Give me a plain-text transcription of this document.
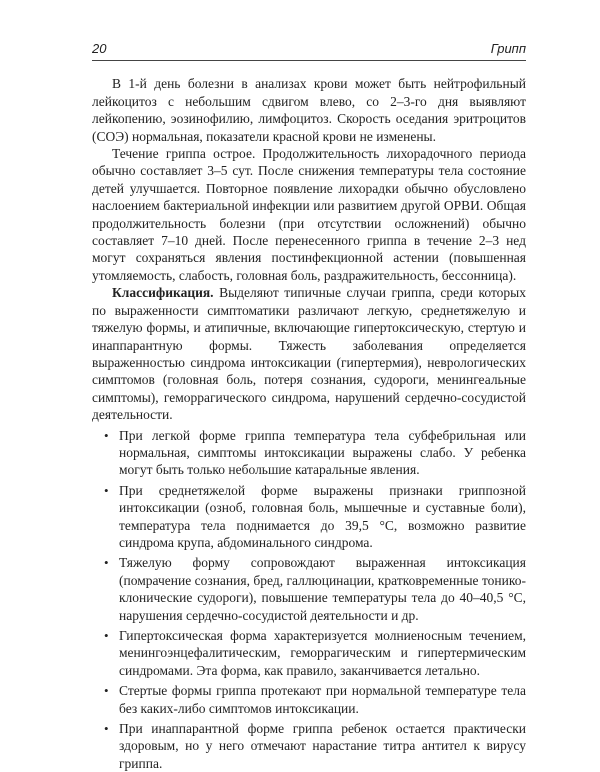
20	Грипп

В 1-й день болезни в анализах крови может быть нейтрофильный лейкоцитоз с небольшим сдвигом влево, со 2–3-го дня выявляют лейкопению, эозинофилию, лимфоцитоз. Скорость оседания эритроцитов (СОЭ) нормальная, показатели красной крови не изменены.

Течение гриппа острое. Продолжительность лихорадочного периода обычно составляет 3–5 сут. После снижения температуры тела состояние детей улучшается. Повторное появление лихорадки обычно обусловлено наслоением бактериальной инфекции или развитием другой ОРВИ. Общая продолжительность болезни (при отсутствии осложнений) обычно составляет 7–10 дней. После перенесенного гриппа в течение 2–3 нед могут сохраняться явления постинфекционной астении (повышенная утомляемость, слабость, головная боль, раздражительность, бессонница).

Классификация. Выделяют типичные случаи гриппа, среди которых по выраженности симптоматики различают легкую, среднетяжелую и тяжелую формы, и атипичные, включающие гипертоксическую, стертую и инаппарантную формы. Тяжесть заболевания определяется выраженностью синдрома интоксикации (гипертермия), неврологических симптомов (головная боль, потеря сознания, судороги, менингеальные симптомы), геморрагического синдрома, нарушений сердечно-сосудистой деятельности.

• При легкой форме гриппа температура тела субфебрильная или нормальная, симптомы интоксикации выражены слабо. У ребенка могут быть только небольшие катаральные явления.
• При среднетяжелой форме выражены признаки гриппозной интоксикации (озноб, головная боль, мышечные и суставные боли), температура тела поднимается до 39,5 °C, возможно развитие синдрома крупа, абдоминального синдрома.
• Тяжелую форму сопровождают выраженная интоксикация (помрачение сознания, бред, галлюцинации, кратковременные тонико-клонические судороги), повышение температуры тела до 40–40,5 °C, нарушения сердечно-сосудистой деятельности и др.
• Гипертоксическая форма характеризуется молниеносным течением, менингоэнцефалитическим, геморрагическим и гипертермическим синдромами. Эта форма, как правило, заканчивается летально.
• Стертые формы гриппа протекают при нормальной температуре тела без каких-либо симптомов интоксикации.
• При инаппарантной форме гриппа ребенок остается практически здоровым, но у него отмечают нарастание титра антител к вирусу гриппа.
